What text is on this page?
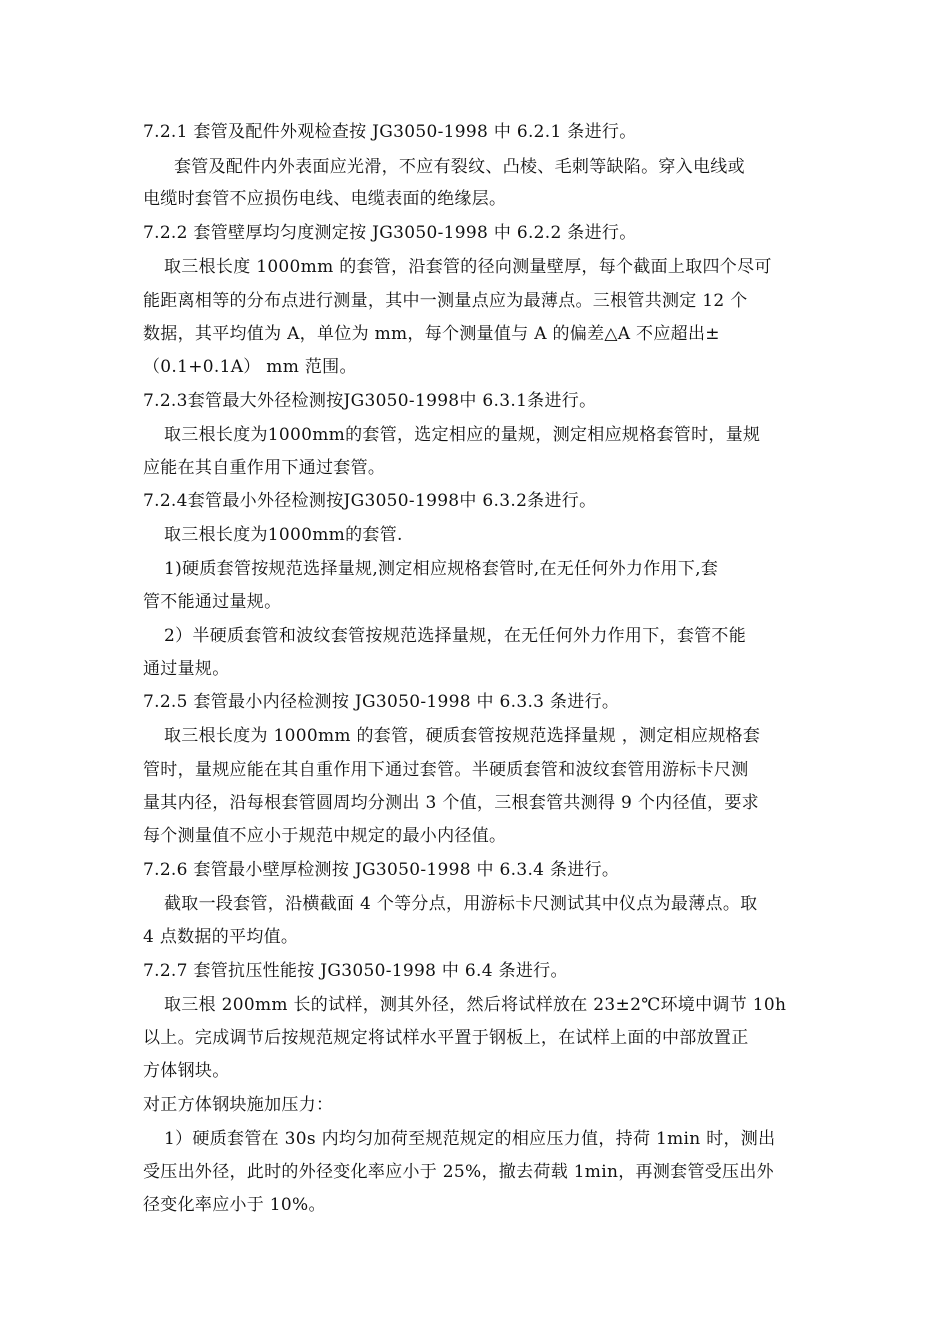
7.2.1 套管及配件外观检查按 JG3050-1998 中 6.2.1 条进行。
套管及配件内外表面应光滑，不应有裂纹、凸棱、毛刺等缺陷。穿入电线或
电缆时套管不应损伤电线、电缆表面的绝缘层。
7.2.2 套管壁厚均匀度测定按 JG3050-1998 中 6.2.2 条进行。
取三根长度 1000mm 的套管，沿套管的径向测量壁厚，每个截面上取四个尽可
能距离相等的分布点进行测量，其中一测量点应为最薄点。三根管共测定 12 个
数据，其平均值为 A，单位为 mm，每个测量值与 A 的偏差△A 不应超出±
（0.1+0.1A） mm 范围。
7.2.3套管最大外径检测按JG3050-1998中 6.3.1条进行。
取三根长度为1000mm的套管，选定相应的量规，测定相应规格套管时，量规
应能在其自重作用下通过套管。
7.2.4套管最小外径检测按JG3050-1998中 6.3.2条进行。
取三根长度为1000mm的套管.
1)硬质套管按规范选择量规,测定相应规格套管时,在无任何外力作用下,套
管不能通过量规。
2）半硬质套管和波纹套管按规范选择量规，在无任何外力作用下，套管不能
通过量规。
7.2.5 套管最小内径检测按 JG3050-1998 中 6.3.3 条进行。
取三根长度为 1000mm 的套管，硬质套管按规范选择量规 ，测定相应规格套
管时，量规应能在其自重作用下通过套管。半硬质套管和波纹套管用游标卡尺测
量其内径，沿每根套管圆周均分测出 3 个值，三根套管共测得 9 个内径值，要求
每个测量值不应小于规范中规定的最小内径值。
7.2.6 套管最小壁厚检测按 JG3050-1998 中 6.3.4 条进行。
截取一段套管，沿横截面 4 个等分点，用游标卡尺测试其中仪点为最薄点。取
4 点数据的平均值。
7.2.7 套管抗压性能按 JG3050-1998 中 6.4 条进行。
取三根 200mm 长的试样，测其外径，然后将试样放在 23±2℃环境中调节 10h
以上。完成调节后按规范规定将试样水平置于钢板上，在试样上面的中部放置正
方体钢块。
对正方体钢块施加压力：
1）硬质套管在 30s 内均匀加荷至规范规定的相应压力值，持荷 1min 时，测出
受压出外径，此时的外径变化率应小于 25%，撤去荷载 1min，再测套管受压出外
径变化率应小于 10%。
